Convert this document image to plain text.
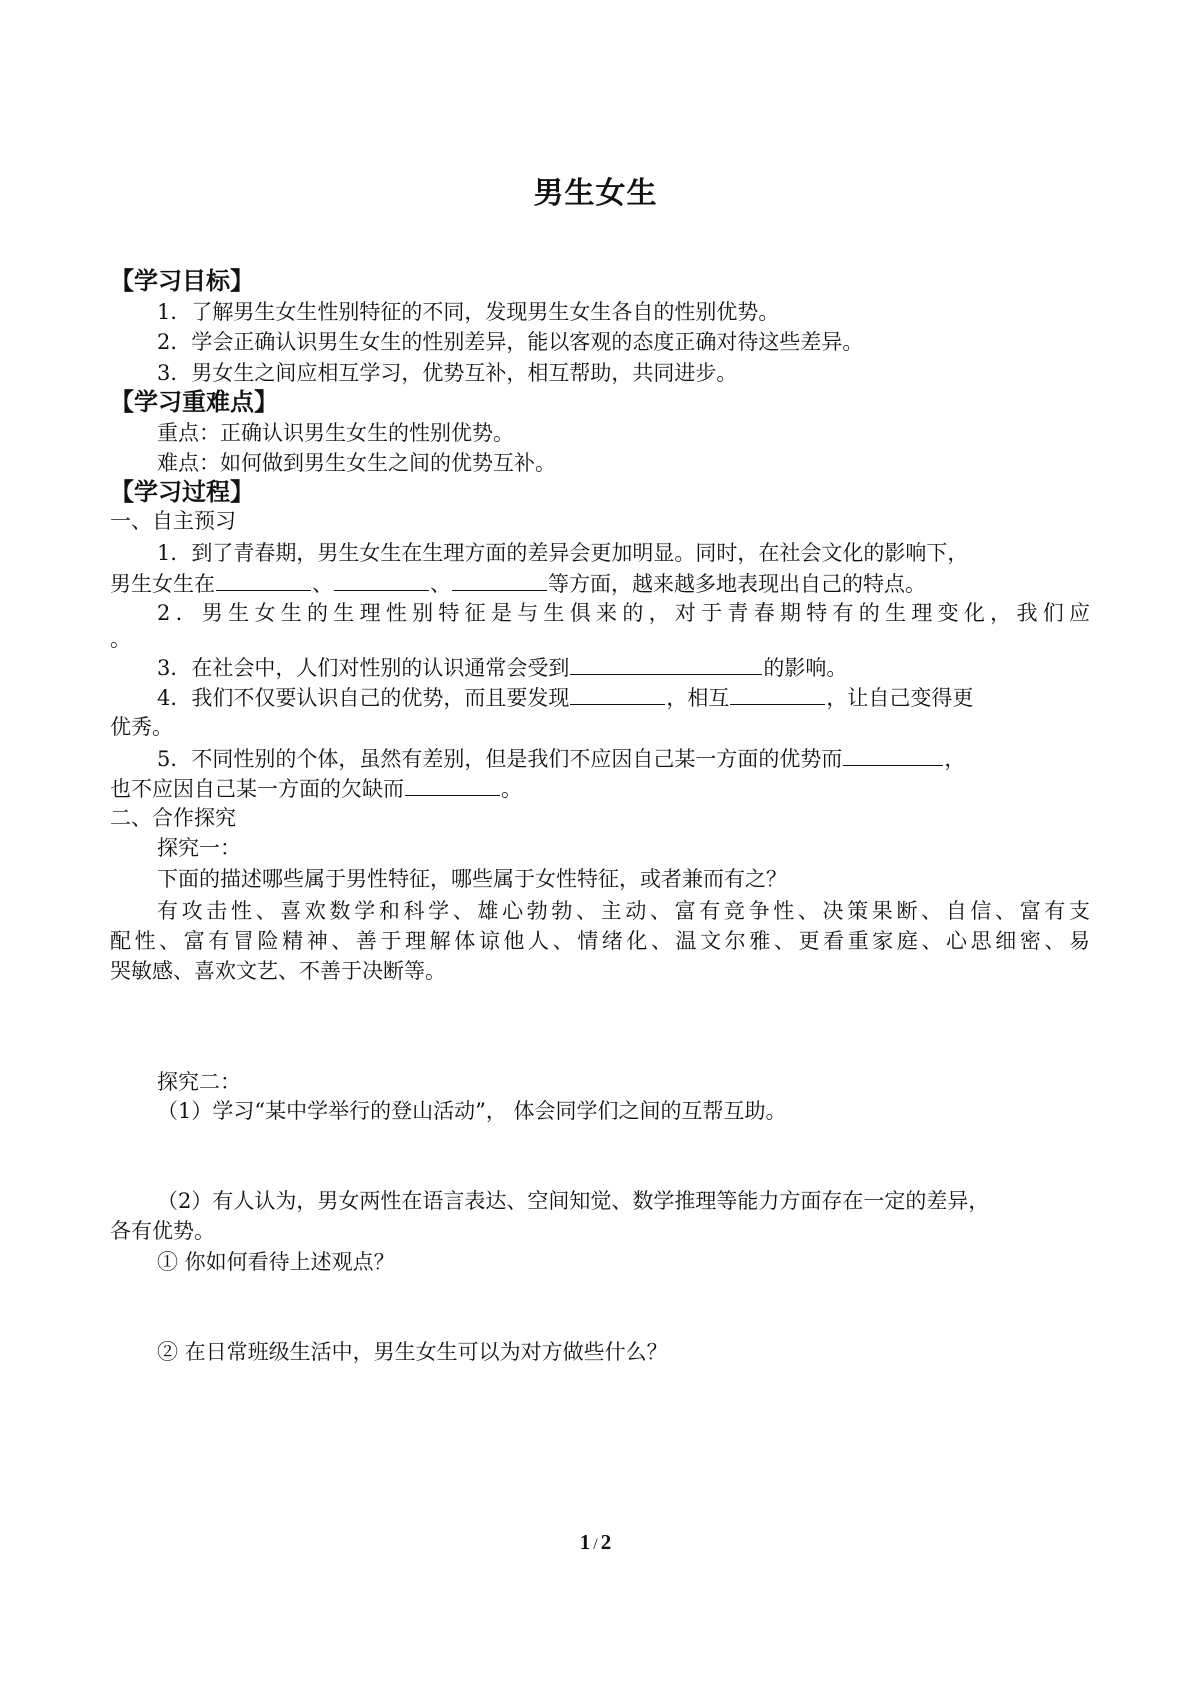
男生女生
【学习目标】
1．了解男生女生性别特征的不同，发现男生女生各自的性别优势。
2．学会正确认识男生女生的性别差异，能以客观的态度正确对待这些差异。
3．男女生之间应相互学习，优势互补，相互帮助，共同进步。
【学习重难点】
重点：正确认识男生女生的性别优势。
难点：如何做到男生女生之间的优势互补。
【学习过程】
一、自主预习
1．到了青春期，男生女生在生理方面的差异会更加明显。同时，在社会文化的影响下，
男生女生在	、	、	等方面，越来越多地表现出自己的特点。
2．男生女生的生理性别特征是与生俱来的，对于青春期特有的生理变化，我们应
。
3．在社会中，人们对性别的认识通常会受到	的影响。
4．我们不仅要认识自己的优势，而且要发现	，相互	，让自己变得更
优秀。
5．不同性别的个体，虽然有差别，但是我们不应因自己某一方面的优势而	，
也不应因自己某一方面的欠缺而	。
二、合作探究
探究一：
下面的描述哪些属于男性特征，哪些属于女性特征，或者兼而有之？
有攻击性、喜欢数学和科学、雄心勃勃、主动、富有竞争性、决策果断、自信、富有支
配性、富有冒险精神、善于理解体谅他人、情绪化、温文尔雅、更看重家庭、心思细密、易
哭敏感、喜欢文艺、不善于决断等。
探究二：
（1）学习“某中学举行的登山活动”， 体会同学们之间的互帮互助。
（2）有人认为，男女两性在语言表达、空间知觉、数学推理等能力方面存在一定的差异，
各有优势。
① 你如何看待上述观点？
② 在日常班级生活中，男生女生可以为对方做些什么？
1 / 2
